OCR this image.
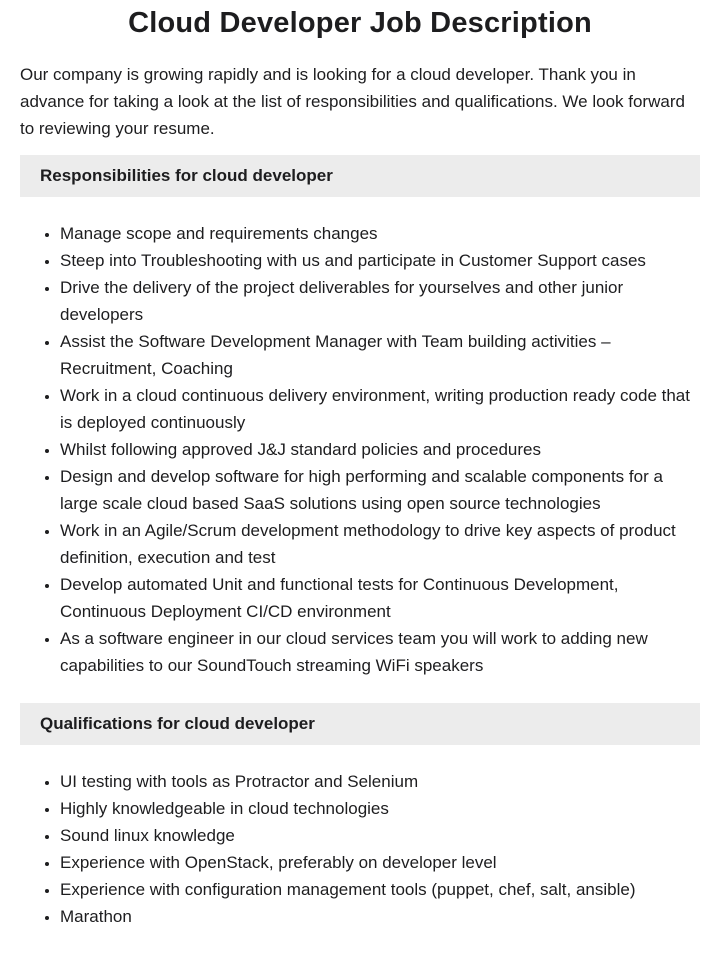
Cloud Developer Job Description

Our company is growing rapidly and is looking for a cloud developer. Thank you in advance for taking a look at the list of responsibilities and qualifications. We look forward to reviewing your resume.

Responsibilities for cloud developer
• Manage scope and requirements changes
• Steep into Troubleshooting with us and participate in Customer Support cases
• Drive the delivery of the project deliverables for yourselves and other junior developers
• Assist the Software Development Manager with Team building activities – Recruitment, Coaching
• Work in a cloud continuous delivery environment, writing production ready code that is deployed continuously
• Whilst following approved J&J standard policies and procedures
• Design and develop software for high performing and scalable components for a large scale cloud based SaaS solutions using open source technologies
• Work in an Agile/Scrum development methodology to drive key aspects of product definition, execution and test
• Develop automated Unit and functional tests for Continuous Development, Continuous Deployment CI/CD environment
• As a software engineer in our cloud services team you will work to adding new capabilities to our SoundTouch streaming WiFi speakers
Qualifications for cloud developer
• UI testing with tools as Protractor and Selenium
• Highly knowledgeable in cloud technologies
• Sound linux knowledge
• Experience with OpenStack, preferably on developer level
• Experience with configuration management tools (puppet, chef, salt, ansible)
• Marathon
